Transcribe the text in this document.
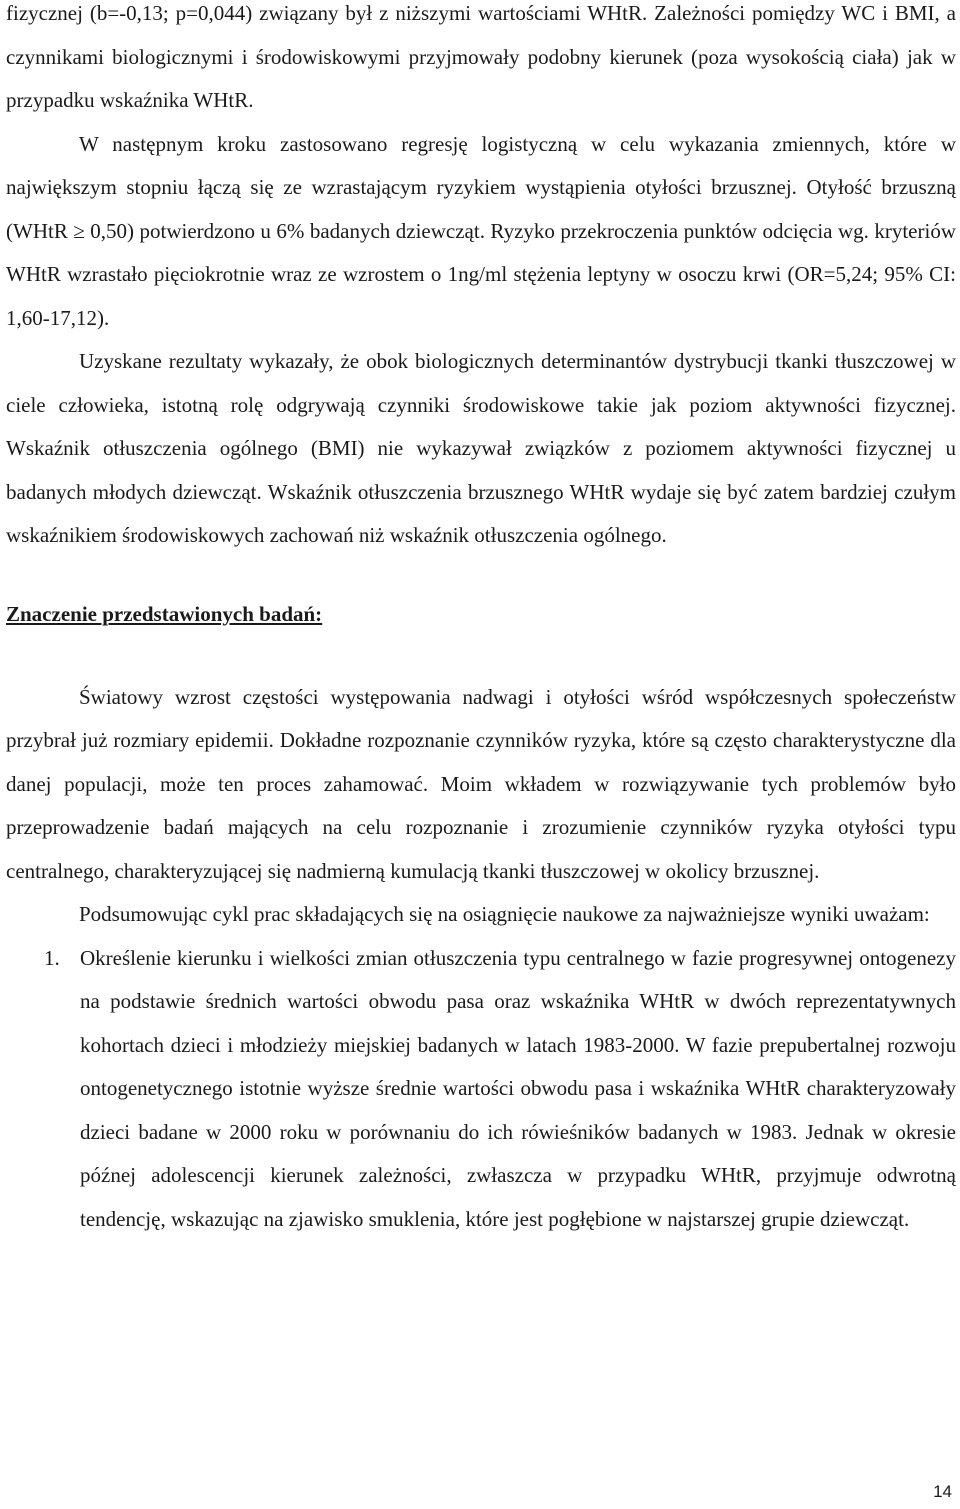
fizycznej (b=-0,13; p=0,044) związany był z niższymi wartościami WHtR. Zależności pomiędzy WC i BMI, a czynnikami biologicznymi i środowiskowymi przyjmowały podobny kierunek (poza wysokością ciała) jak w przypadku wskaźnika WHtR.

W następnym kroku zastosowano regresję logistyczną w celu wykazania zmiennych, które w największym stopniu łączą się ze wzrastającym ryzykiem wystąpienia otyłości brzusznej. Otyłość brzuszną (WHtR ≥ 0,50) potwierdzono u 6% badanych dziewcząt. Ryzyko przekroczenia punktów odcięcia wg. kryteriów WHtR wzrastało pięciokrotnie wraz ze wzrostem o 1ng/ml stężenia leptyny w osoczu krwi (OR=5,24; 95% CI: 1,60-17,12).

Uzyskane rezultaty wykazały, że obok biologicznych determinantów dystrybucji tkanki tłuszczowej w ciele człowieka, istotną rolę odgrywają czynniki środowiskowe takie jak poziom aktywności fizycznej. Wskaźnik otłuszczenia ogólnego (BMI) nie wykazywał związków z poziomem aktywności fizycznej u badanych młodych dziewcząt. Wskaźnik otłuszczenia brzusznego WHtR wydaje się być zatem bardziej czułym wskaźnikiem środowiskowych zachowań niż wskaźnik otłuszczenia ogólnego.

Znaczenie przedstawionych badań:

Światowy wzrost częstości występowania nadwagi i otyłości wśród współczesnych społeczeństw przybrał już rozmiary epidemii. Dokładne rozpoznanie czynników ryzyka, które są często charakterystyczne dla danej populacji, może ten proces zahamować. Moim wkładem w rozwiązywanie tych problemów było przeprowadzenie badań mających na celu rozpoznanie i zrozumienie czynników ryzyka otyłości typu centralnego, charakteryzującej się nadmierną kumulacją tkanki tłuszczowej w okolicy brzusznej.

Podsumowując cykl prac składających się na osiągnięcie naukowe za najważniejsze wyniki uważam:

1. Określenie kierunku i wielkości zmian otłuszczenia typu centralnego w fazie progresywnej ontogenezy na podstawie średnich wartości obwodu pasa oraz wskaźnika WHtR w dwóch reprezentatywnych kohortach dzieci i młodzieży miejskiej badanych w latach 1983-2000. W fazie prepubertalnej rozwoju ontogenetycznego istotnie wyższe średnie wartości obwodu pasa i wskaźnika WHtR charakteryzowały dzieci badane w 2000 roku w porównaniu do ich rówieśników badanych w 1983. Jednak w okresie późnej adolescencji kierunek zależności, zwłaszcza w przypadku WHtR, przyjmuje odwrotną tendencję, wskazując na zjawisko smuklenia, które jest pogłębione w najstarszej grupie dziewcząt.
14
